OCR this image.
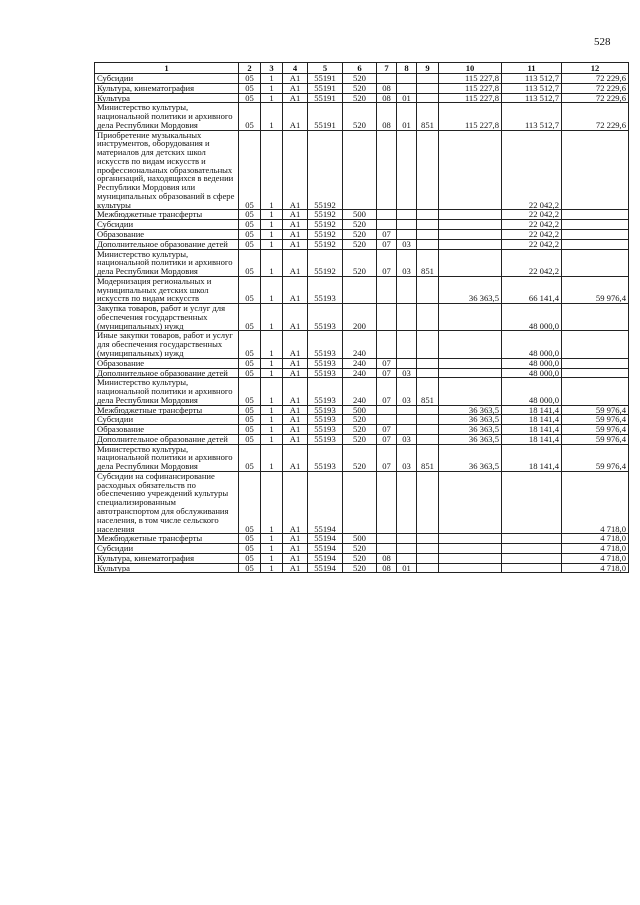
528
1	2	3	4	5	6	7	8	9	10	11	12
Субсидии	05	1	А1	55191	520				115 227,8	113 512,7	72 229,6
Культура, кинематография	05	1	А1	55191	520	08			115 227,8	113 512,7	72 229,6
Культура	05	1	А1	55191	520	08	01		115 227,8	113 512,7	72 229,6
Министерство культуры, национальной политики и архивного дела Республики Мордовия	05	1	А1	55191	520	08	01	851	115 227,8	113 512,7	72 229,6
Приобретение музыкальных инструментов, оборудования и материалов для детских школ искусств по видам искусств и профессиональных образовательных организаций, находящихся в ведении Республики Мордовия или муниципальных образований в сфере культуры	05	1	А1	55192						22 042,2	
Межбюджетные трансферты	05	1	А1	55192	500					22 042,2	
Субсидии	05	1	А1	55192	520					22 042,2	
Образование	05	1	А1	55192	520	07				22 042,2	
Дополнительное образование детей	05	1	А1	55192	520	07	03			22 042,2	
Министерство культуры, национальной политики и архивного дела Республики Мордовия	05	1	А1	55192	520	07	03	851		22 042,2	
Модернизация региональных и муниципальных детских школ искусств по видам искусств	05	1	А1	55193					36 363,5	66 141,4	59 976,4
Закупка товаров, работ и услуг для обеспечения государственных (муниципальных) нужд	05	1	А1	55193	200					48 000,0	
Иные закупки товаров, работ и услуг для обеспечения государственных (муниципальных) нужд	05	1	А1	55193	240					48 000,0	
Образование	05	1	А1	55193	240	07				48 000,0	
Дополнительное образование детей	05	1	А1	55193	240	07	03			48 000,0	
Министерство культуры, национальной политики и архивного дела Республики Мордовия	05	1	А1	55193	240	07	03	851		48 000,0	
Межбюджетные трансферты	05	1	А1	55193	500				36 363,5	18 141,4	59 976,4
Субсидии	05	1	А1	55193	520				36 363,5	18 141,4	59 976,4
Образование	05	1	А1	55193	520	07			36 363,5	18 141,4	59 976,4
Дополнительное образование детей	05	1	А1	55193	520	07	03		36 363,5	18 141,4	59 976,4
Министерство культуры, национальной политики и архивного дела Республики Мордовия	05	1	А1	55193	520	07	03	851	36 363,5	18 141,4	59 976,4
Субсидии на софинансирование расходных обязательств по обеспечению учреждений культуры специализированным автотранспортом для обслуживания населения, в том числе сельского населения	05	1	А1	55194							4 718,0
Межбюджетные трансферты	05	1	А1	55194	500						4 718,0
Субсидии	05	1	А1	55194	520						4 718,0
Культура, кинематография	05	1	А1	55194	520	08					4 718,0
Культура	05	1	А1	55194	520	08	01				4 718,0
